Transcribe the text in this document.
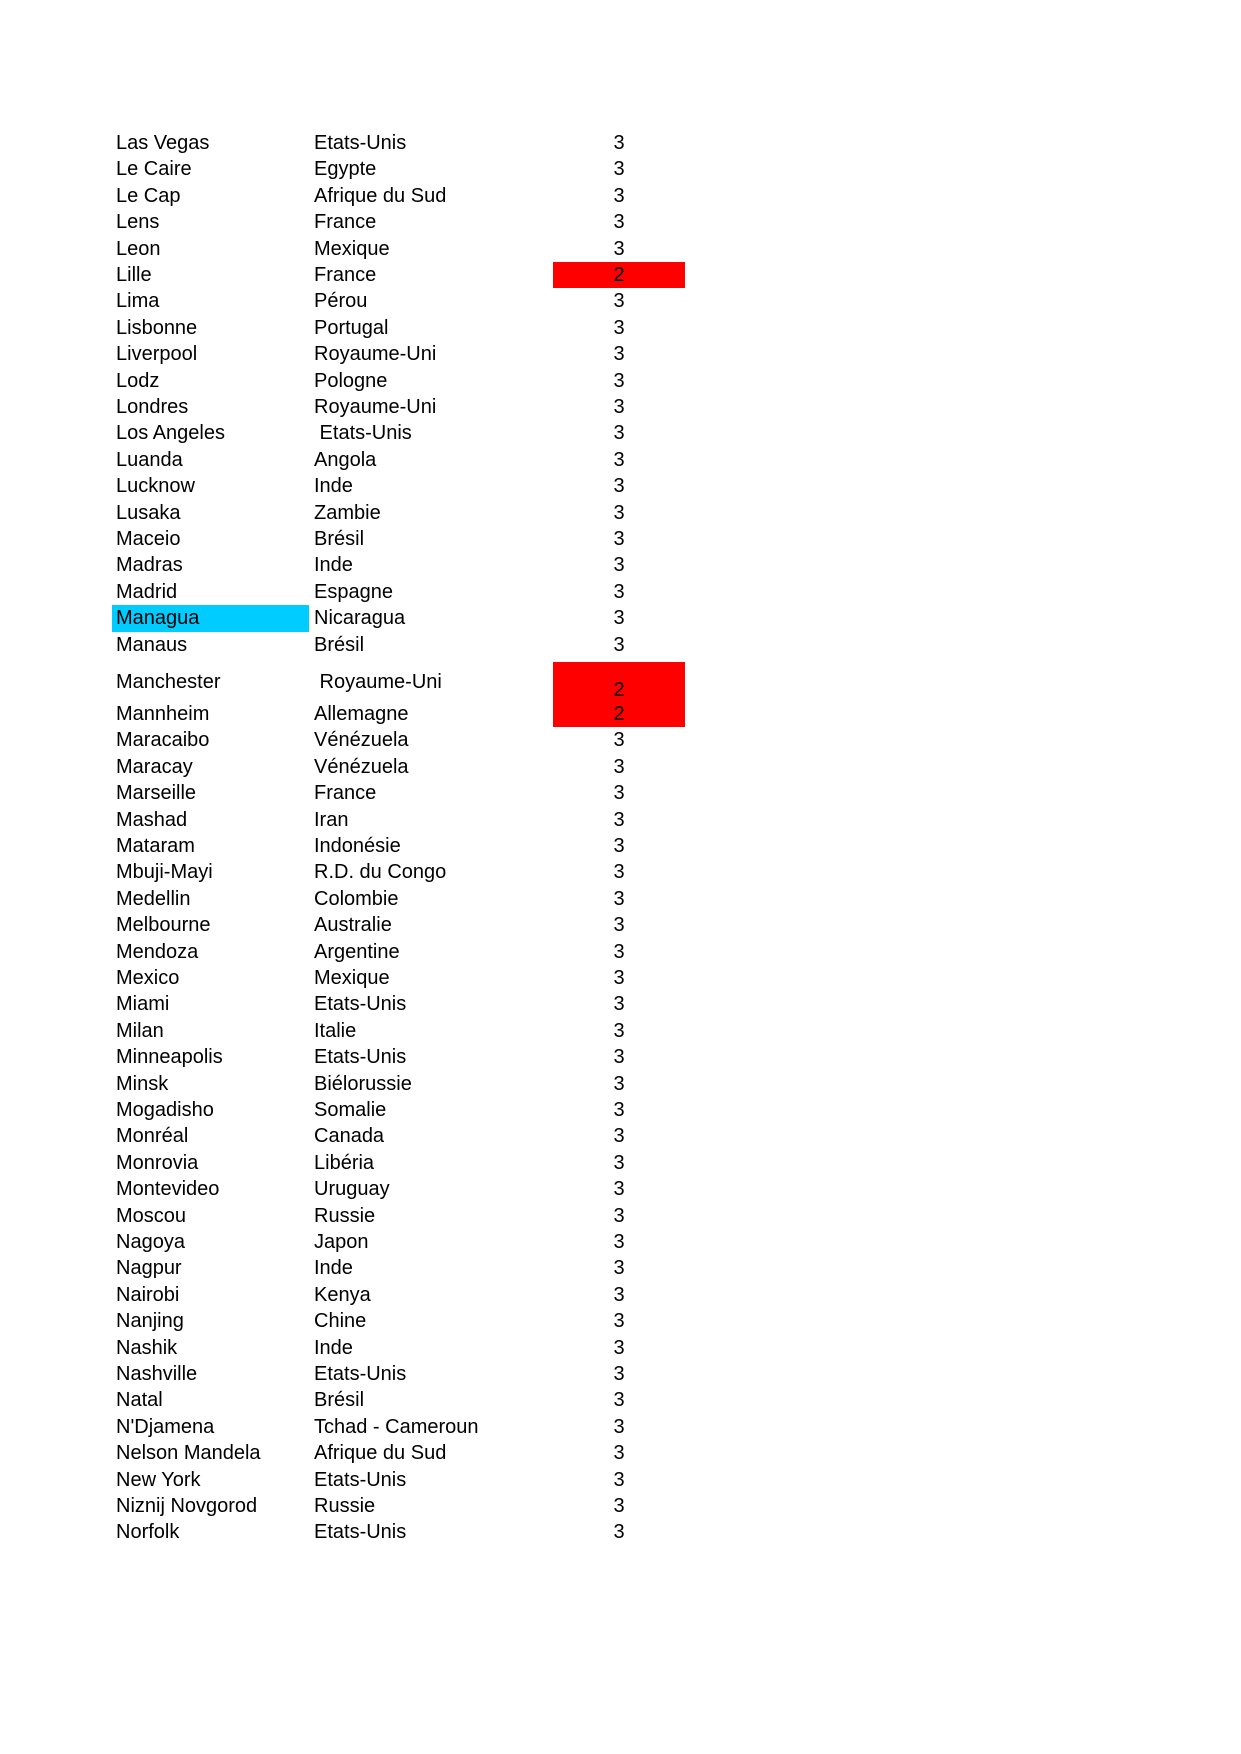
Las Vegas	Etats-Unis	3
Le Caire	Egypte	3
Le Cap	Afrique du Sud	3
Lens	France	3
Leon	Mexique	3
Lille	France	2
Lima	Pérou	3
Lisbonne	Portugal	3
Liverpool	Royaume-Uni	3
Lodz	Pologne	3
Londres	Royaume-Uni	3
Los Angeles	Etats-Unis	3
Luanda	Angola	3
Lucknow	Inde	3
Lusaka	Zambie	3
Maceio	Brésil	3
Madras	Inde	3
Madrid	Espagne	3
Managua	Nicaragua	3
Manaus	Brésil	3
Manchester	Royaume-Uni	2
Mannheim	Allemagne	2
Maracaibo	Vénézuela	3
Maracay	Vénézuela	3
Marseille	France	3
Mashad	Iran	3
Mataram	Indonésie	3
Mbuji-Mayi	R.D. du Congo	3
Medellin	Colombie	3
Melbourne	Australie	3
Mendoza	Argentine	3
Mexico	Mexique	3
Miami	Etats-Unis	3
Milan	Italie	3
Minneapolis	Etats-Unis	3
Minsk	Biélorussie	3
Mogadisho	Somalie	3
Monréal	Canada	3
Monrovia	Libéria	3
Montevideo	Uruguay	3
Moscou	Russie	3
Nagoya	Japon	3
Nagpur	Inde	3
Nairobi	Kenya	3
Nanjing	Chine	3
Nashik	Inde	3
Nashville	Etats-Unis	3
Natal	Brésil	3
N'Djamena	Tchad - Cameroun	3
Nelson Mandela	Afrique du Sud	3
New York	Etats-Unis	3
Niznij Novgorod	Russie	3
Norfolk	Etats-Unis	3
